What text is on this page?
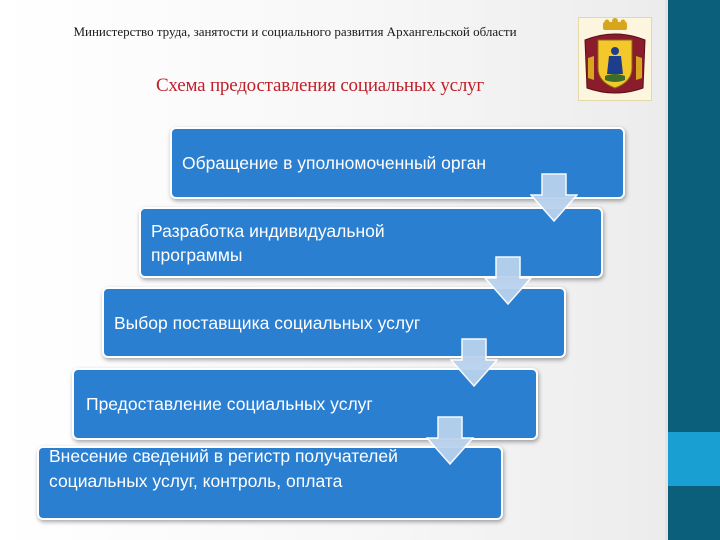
Министерство труда, занятости и социального развития Архангельской области
Схема предоставления социальных услуг
Обращение в уполномоченный орган
Разработка индивидуальной программы
Выбор поставщика социальных услуг
Предоставление социальных услуг
Внесение сведений в регистр получателей социальных услуг, контроль, оплата
